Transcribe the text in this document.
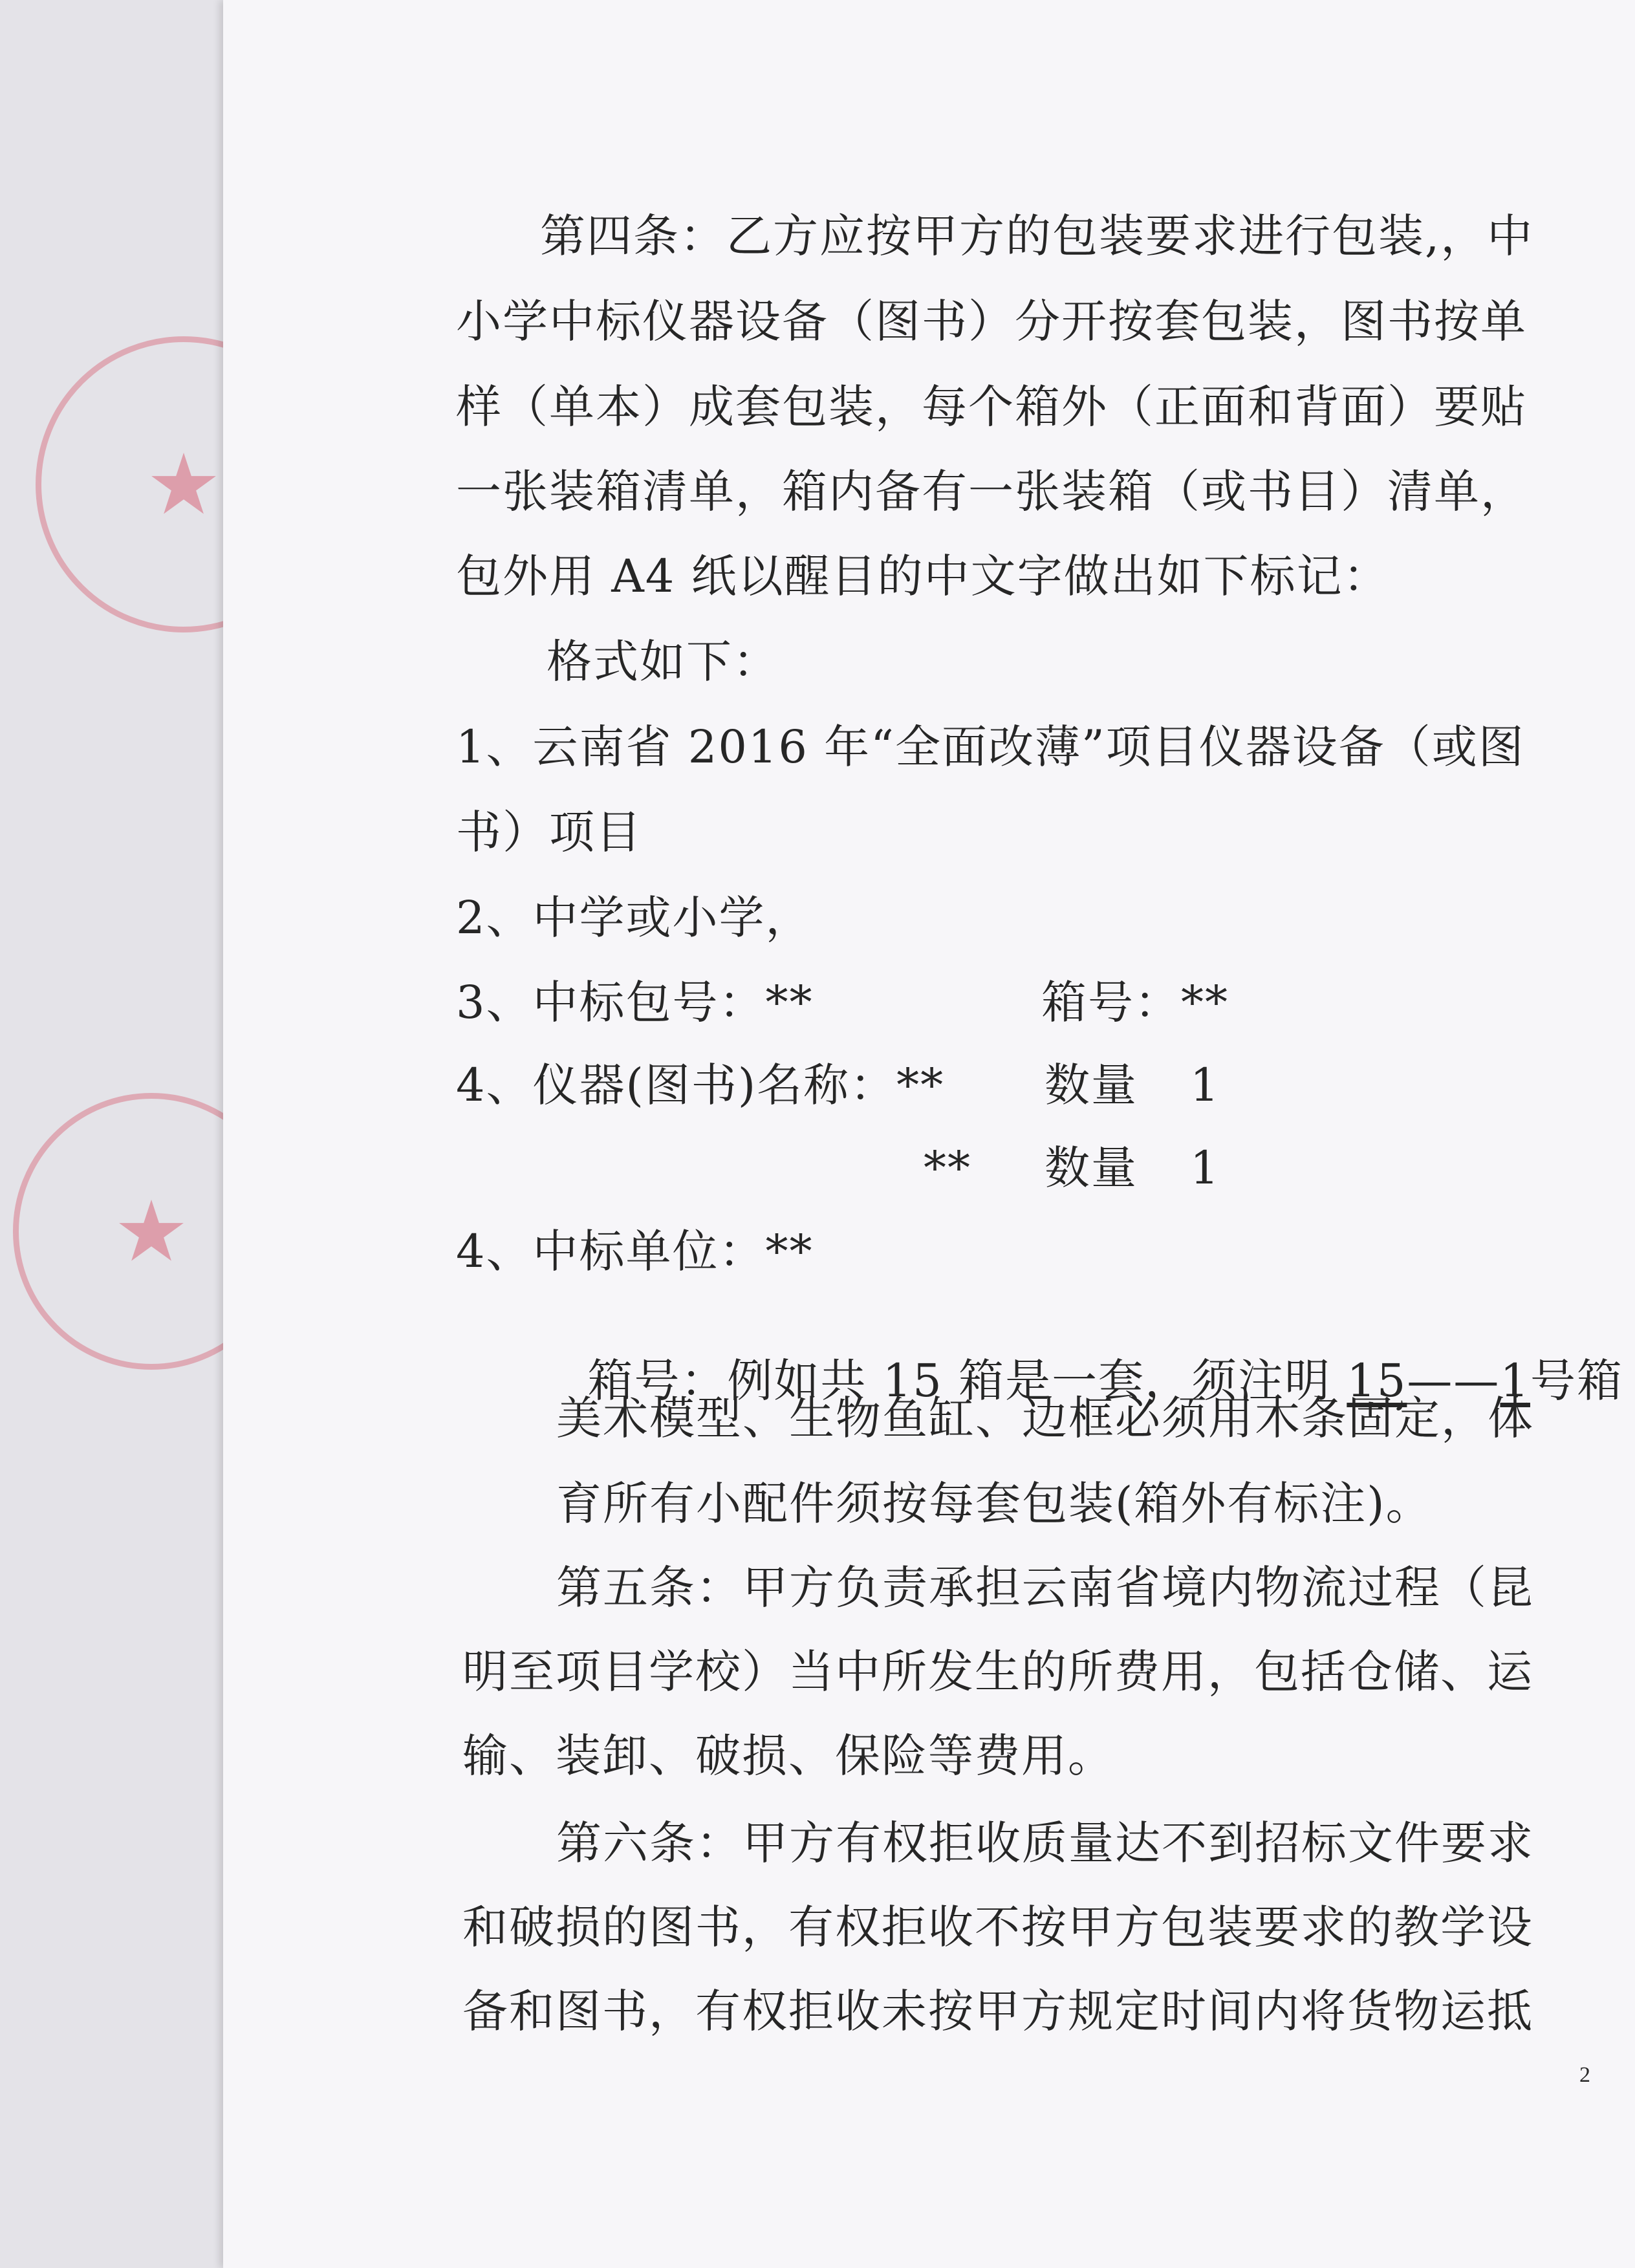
★
★
第四条：乙方应按甲方的包装要求进行包装,，中
小学中标仪器设备（图书）分开按套包装，图书按单
样（单本）成套包装，每个箱外（正面和背面）要贴
一张装箱清单，箱内备有一张装箱（或书目）清单，
包外用 A4 纸以醒目的中文字做出如下标记：
格式如下：
1、云南省 2016 年“全面改薄”项目仪器设备（或图
书）项目
2、中学或小学，
3、中标包号：**	箱号：**
4、仪器(图书)名称：** 数量 1
** 数量 1
4、中标单位：**

箱号：例如共 15 箱是一套，须注明 15——1号箱

美术模型、生物鱼缸、边框必须用木条固定，体
育所有小配件须按每套包装(箱外有标注)。
第五条：甲方负责承担云南省境内物流过程（昆
明至项目学校）当中所发生的所费用，包括仓储、运
输、装卸、破损、保险等费用。
第六条：甲方有权拒收质量达不到招标文件要求
和破损的图书，有权拒收不按甲方包装要求的教学设
备和图书，有权拒收未按甲方规定时间内将货物运抵
2
